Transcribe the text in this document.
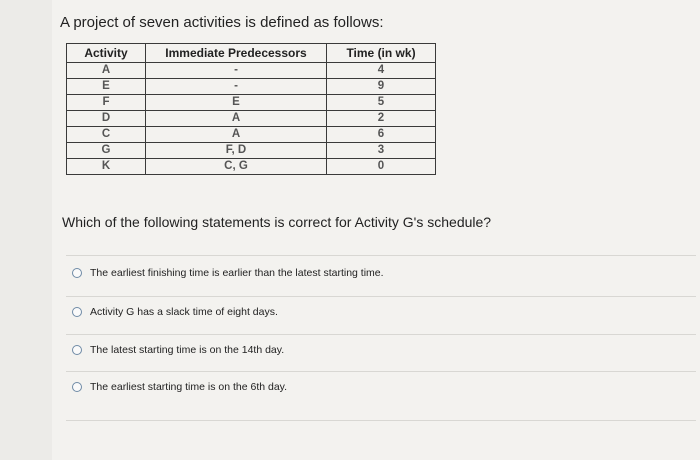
A project of seven activities is defined as follows:
Activity	Immediate Predecessors	Time (in wk)
A	-	4
E	-	9
F	E	5
D	A	2
C	A	6
G	F, D	3
K	C, G	0
Which of the following statements is correct for Activity G's schedule?
The earliest finishing time is earlier than the latest starting time.
Activity G has a slack time of eight days.
The latest starting time is on the 14th day.
The earliest starting time is on the 6th day.
